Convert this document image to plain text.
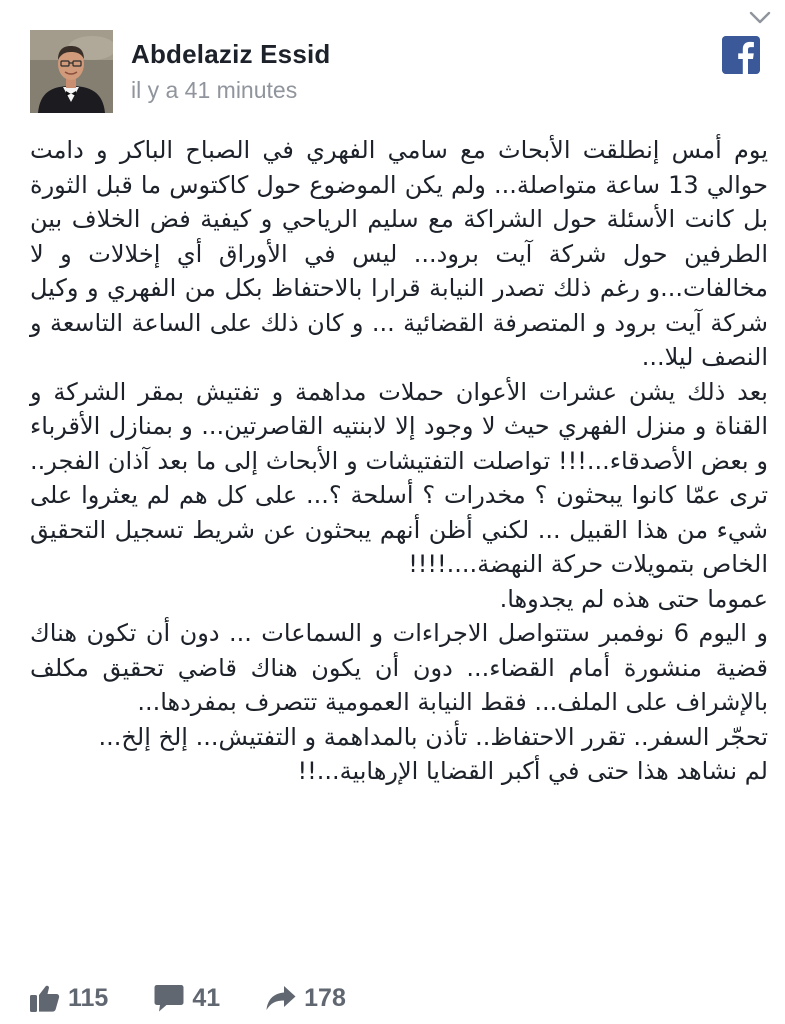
Abdelaziz Essid
il y a 41 minutes

يوم أمس إنطلقت الأبحاث مع سامي الفهري في الصباح الباكر و دامت حوالي 13 ساعة متواصلة... ولم يكن الموضوع حول كاكتوس ما قبل الثورة بل كانت الأسئلة حول الشراكة مع سليم الرياحي و كيفية فض الخلاف بين الطرفين حول شركة آيت برود... ليس في الأوراق أي إخلالات و لا مخالفات...و رغم ذلك تصدر النيابة قرارا بالاحتفاظ بكل من الفهري و وكيل شركة آيت برود و المتصرفة القضائية ... و كان ذلك على الساعة التاسعة و النصف ليلا...

بعد ذلك يشن عشرات الأعوان حملات مداهمة و تفتيش بمقر الشركة و القناة و منزل الفهري حيث لا وجود إلا لابنتيه القاصرتين... و بمنازل الأقرباء و بعض الأصدقاء...!!! تواصلت التفتيشات و الأبحاث إلى ما بعد آذان الفجر.. ترى عمّا كانوا يبحثون ؟ مخدرات ؟ أسلحة ؟... على كل هم لم يعثروا على شيء من هذا القبيل ... لكني أظن أنهم يبحثون عن شريط تسجيل التحقيق الخاص بتمويلات حركة النهضة....!!!!

عموما حتى هذه لم يجدوها.

و اليوم 6 نوفمبر ستتواصل الاجراءات و السماعات ... دون أن تكون هناك قضية منشورة أمام القضاء... دون أن يكون هناك قاضي تحقيق مكلف بالإشراف على الملف... فقط النيابة العمومية تتصرف بمفردها...
تحجّر السفر.. تقرر الاحتفاظ.. تأذن بالمداهمة و التفتيش... إلخ إلخ...
لم نشاهد هذا حتى في أكبر القضايا الإرهابية...!!

115	41	178
